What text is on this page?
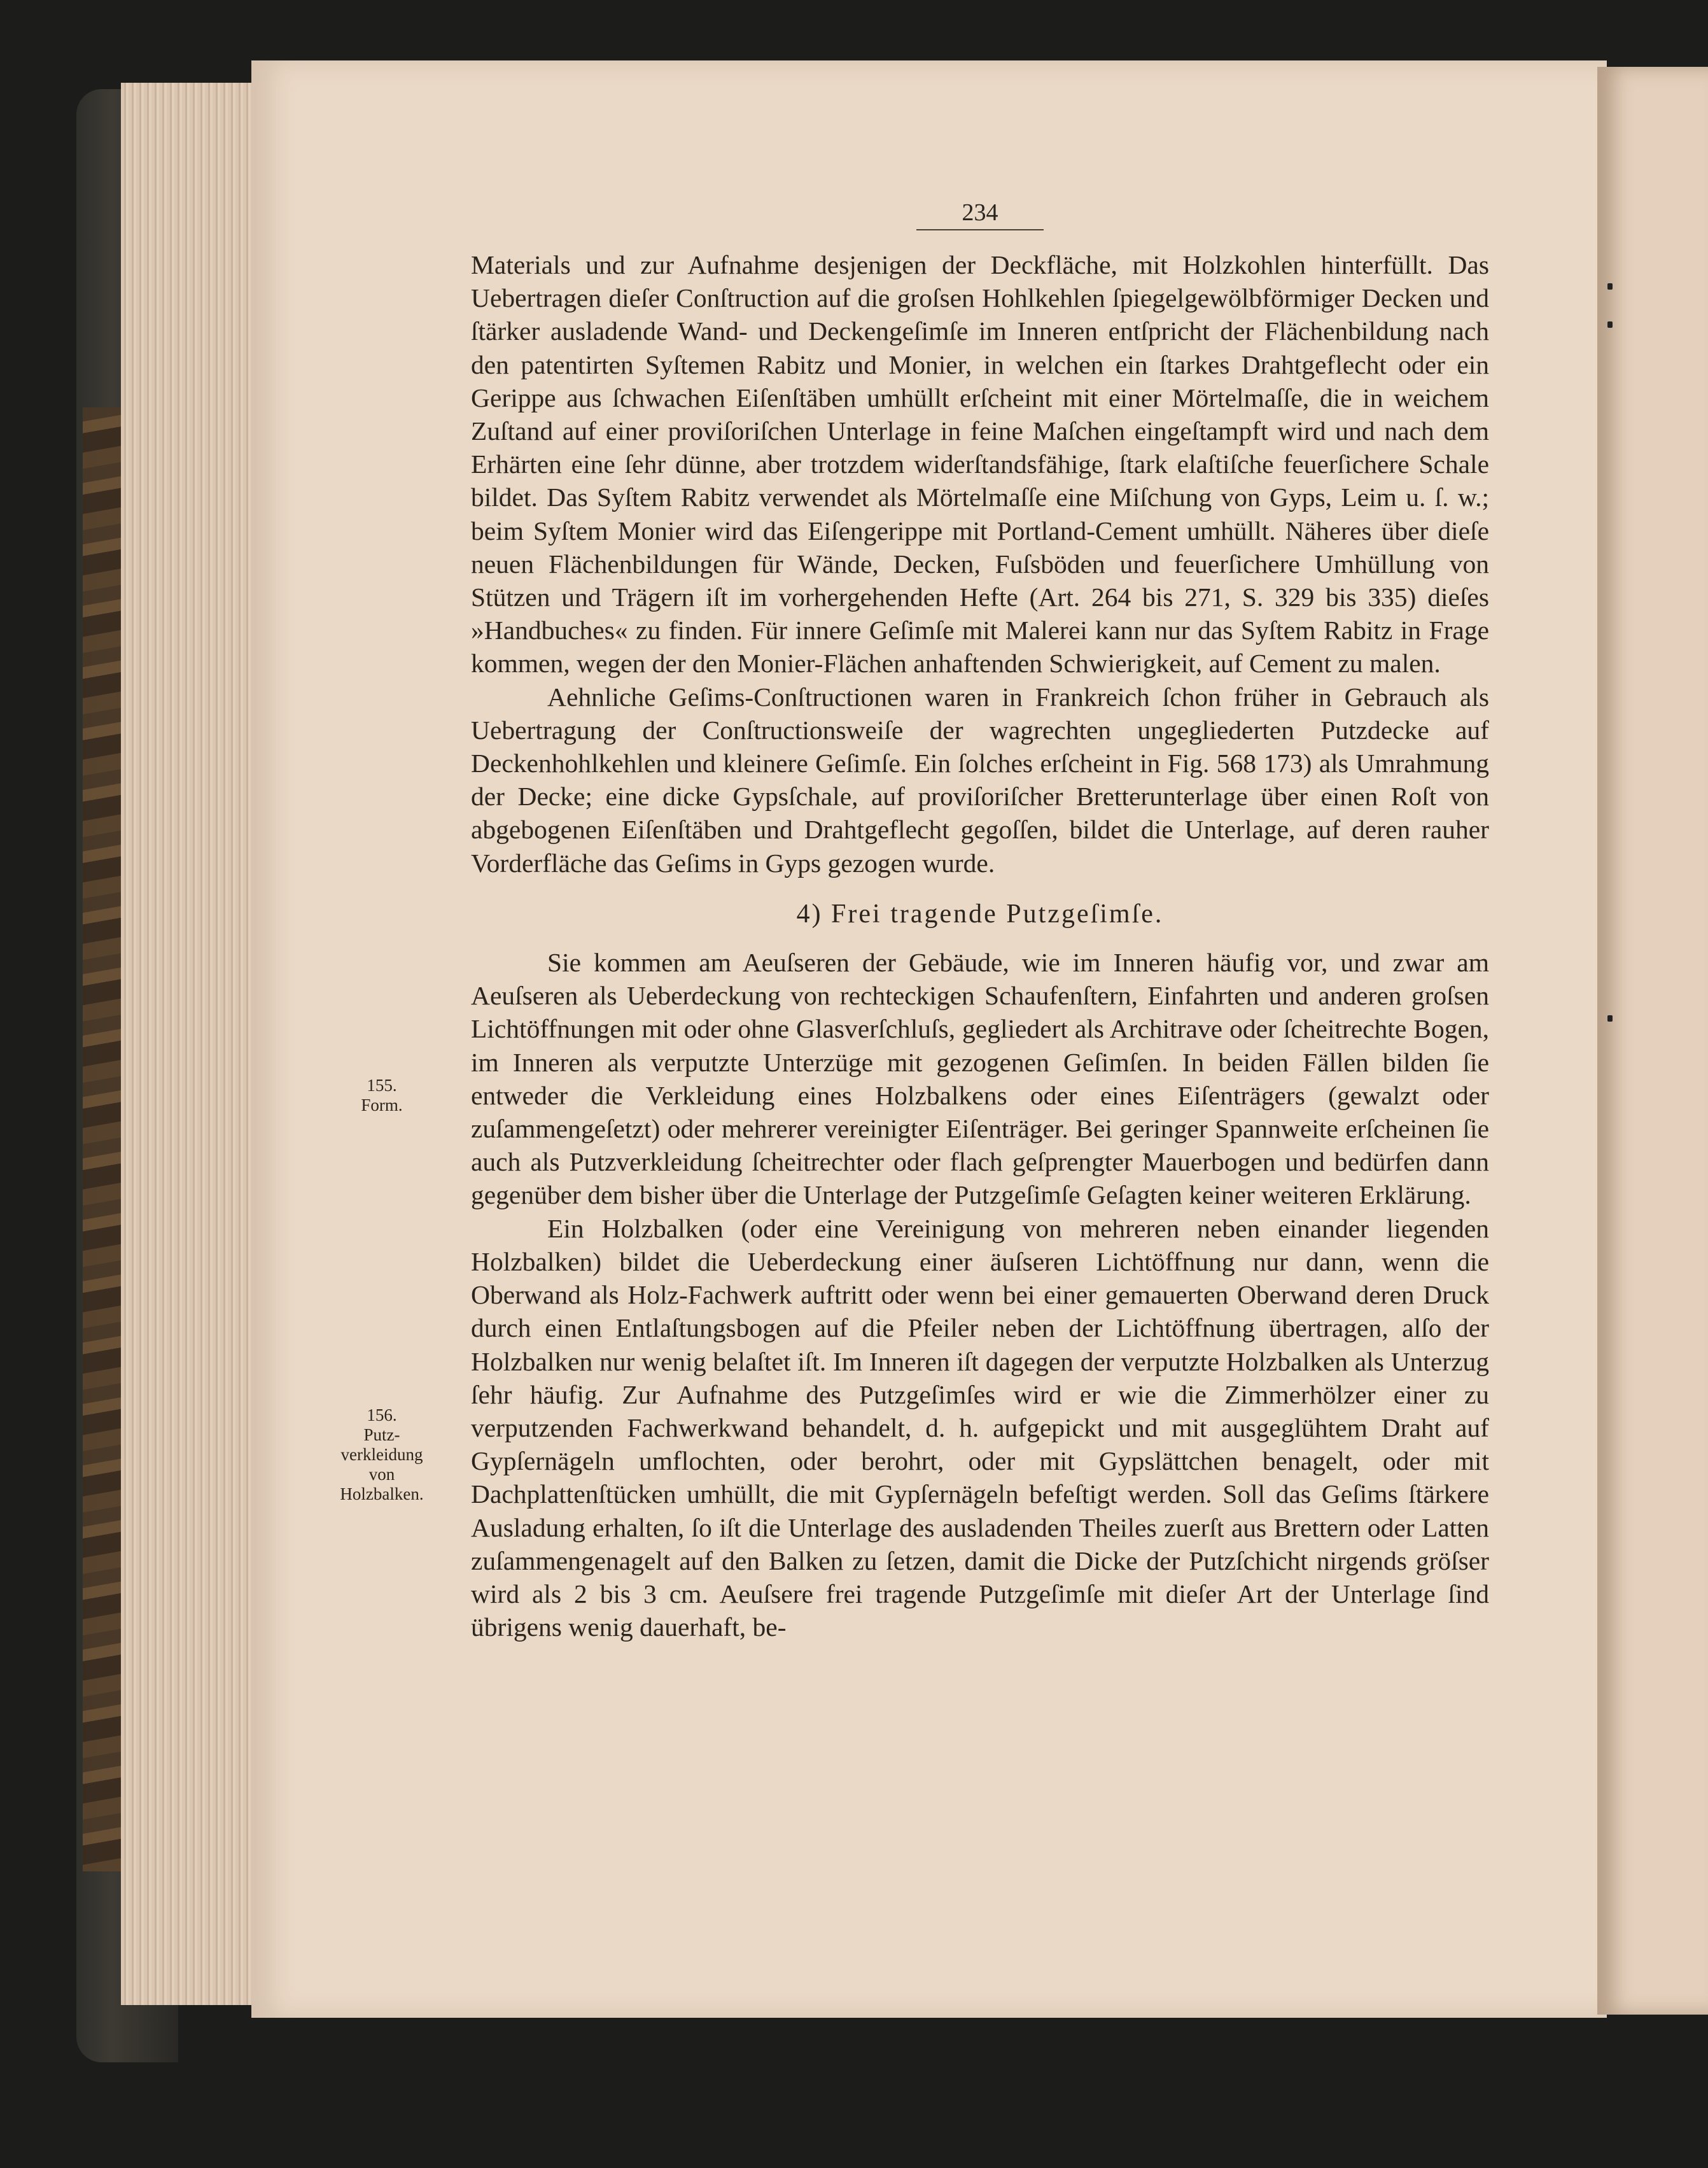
234

Materials und zur Aufnahme desjenigen der Deckfläche, mit Holzkohlen hinterfüllt. Das Uebertragen dieſer Conſtruction auf die groſsen Hohlkehlen ſpiegelgewölbförmiger Decken und ſtärker ausladende Wand- und Deckengeſimſe im Inneren entſpricht der Flächenbildung nach den patentirten Syſtemen Rabitz und Monier, in welchen ein ſtarkes Drahtgeflecht oder ein Gerippe aus ſchwachen Eiſenſtäben umhüllt erſcheint mit einer Mörtelmaſſe, die in weichem Zuſtand auf einer proviſoriſchen Unterlage in feine Maſchen eingeſtampft wird und nach dem Erhärten eine ſehr dünne, aber trotzdem widerſtandsfähige, ſtark elaſtiſche feuerſichere Schale bildet. Das Syſtem Rabitz verwendet als Mörtelmaſſe eine Miſchung von Gyps, Leim u. ſ. w.; beim Syſtem Monier wird das Eiſengerippe mit Portland-Cement umhüllt. Näheres über dieſe neuen Flächenbildungen für Wände, Decken, Fuſsböden und feuerſichere Umhüllung von Stützen und Trägern iſt im vorhergehenden Hefte (Art. 264 bis 271, S. 329 bis 335) dieſes »Handbuches« zu finden. Für innere Geſimſe mit Malerei kann nur das Syſtem Rabitz in Frage kommen, wegen der den Monier-Flächen anhaftenden Schwierigkeit, auf Cement zu malen.

Aehnliche Geſims-Conſtructionen waren in Frankreich ſchon früher in Gebrauch als Uebertragung der Conſtructionsweiſe der wagrechten ungegliederten Putzdecke auf Deckenhohlkehlen und kleinere Geſimſe. Ein ſolches erſcheint in Fig. 568 173) als Umrahmung der Decke; eine dicke Gypsſchale, auf proviſoriſcher Bretterunterlage über einen Roſt von abgebogenen Eiſenſtäben und Drahtgeflecht gegoſſen, bildet die Unterlage, auf deren rauher Vorderfläche das Geſims in Gyps gezogen wurde.

4) Frei tragende Putzgeſimſe.

Sie kommen am Aeuſseren der Gebäude, wie im Inneren häufig vor, und zwar am Aeuſseren als Ueberdeckung von rechteckigen Schaufenſtern, Einfahrten und anderen groſsen Lichtöffnungen mit oder ohne Glasverſchluſs, gegliedert als Architrave oder ſcheitrechte Bogen, im Inneren als verputzte Unterzüge mit gezogenen Geſimſen. In beiden Fällen bilden ſie entweder die Verkleidung eines Holzbalkens oder eines Eiſenträgers (gewalzt oder zuſammengeſetzt) oder mehrerer vereinigter Eiſenträger. Bei geringer Spannweite erſcheinen ſie auch als Putzverkleidung ſcheitrechter oder flach geſprengter Mauerbogen und bedürfen dann gegenüber dem bisher über die Unterlage der Putzgeſimſe Geſagten keiner weiteren Erklärung.

Ein Holzbalken (oder eine Vereinigung von mehreren neben einander liegenden Holzbalken) bildet die Ueberdeckung einer äuſseren Lichtöffnung nur dann, wenn die Oberwand als Holz-Fachwerk auftritt oder wenn bei einer gemauerten Oberwand deren Druck durch einen Entlaſtungsbogen auf die Pfeiler neben der Lichtöffnung übertragen, alſo der Holzbalken nur wenig belaſtet iſt. Im Inneren iſt dagegen der verputzte Holzbalken als Unterzug ſehr häufig. Zur Aufnahme des Putzgeſimſes wird er wie die Zimmerhölzer einer zu verputzenden Fachwerkwand behandelt, d. h. aufgepickt und mit ausgeglühtem Draht auf Gypſernägeln umflochten, oder berohrt, oder mit Gypslättchen benagelt, oder mit Dachplattenſtücken umhüllt, die mit Gypſernägeln befeſtigt werden. Soll das Geſims ſtärkere Ausladung erhalten, ſo iſt die Unterlage des ausladenden Theiles zuerſt aus Brettern oder Latten zuſammengenagelt auf den Balken zu ſetzen, damit die Dicke der Putzſchicht nirgends gröſser wird als 2 bis 3 cm. Aeuſsere frei tragende Putzgeſimſe mit dieſer Art der Unterlage ſind übrigens wenig dauerhaft, be-

155.
Form.
156.
Putz-
verkleidung
von
Holzbalken.
